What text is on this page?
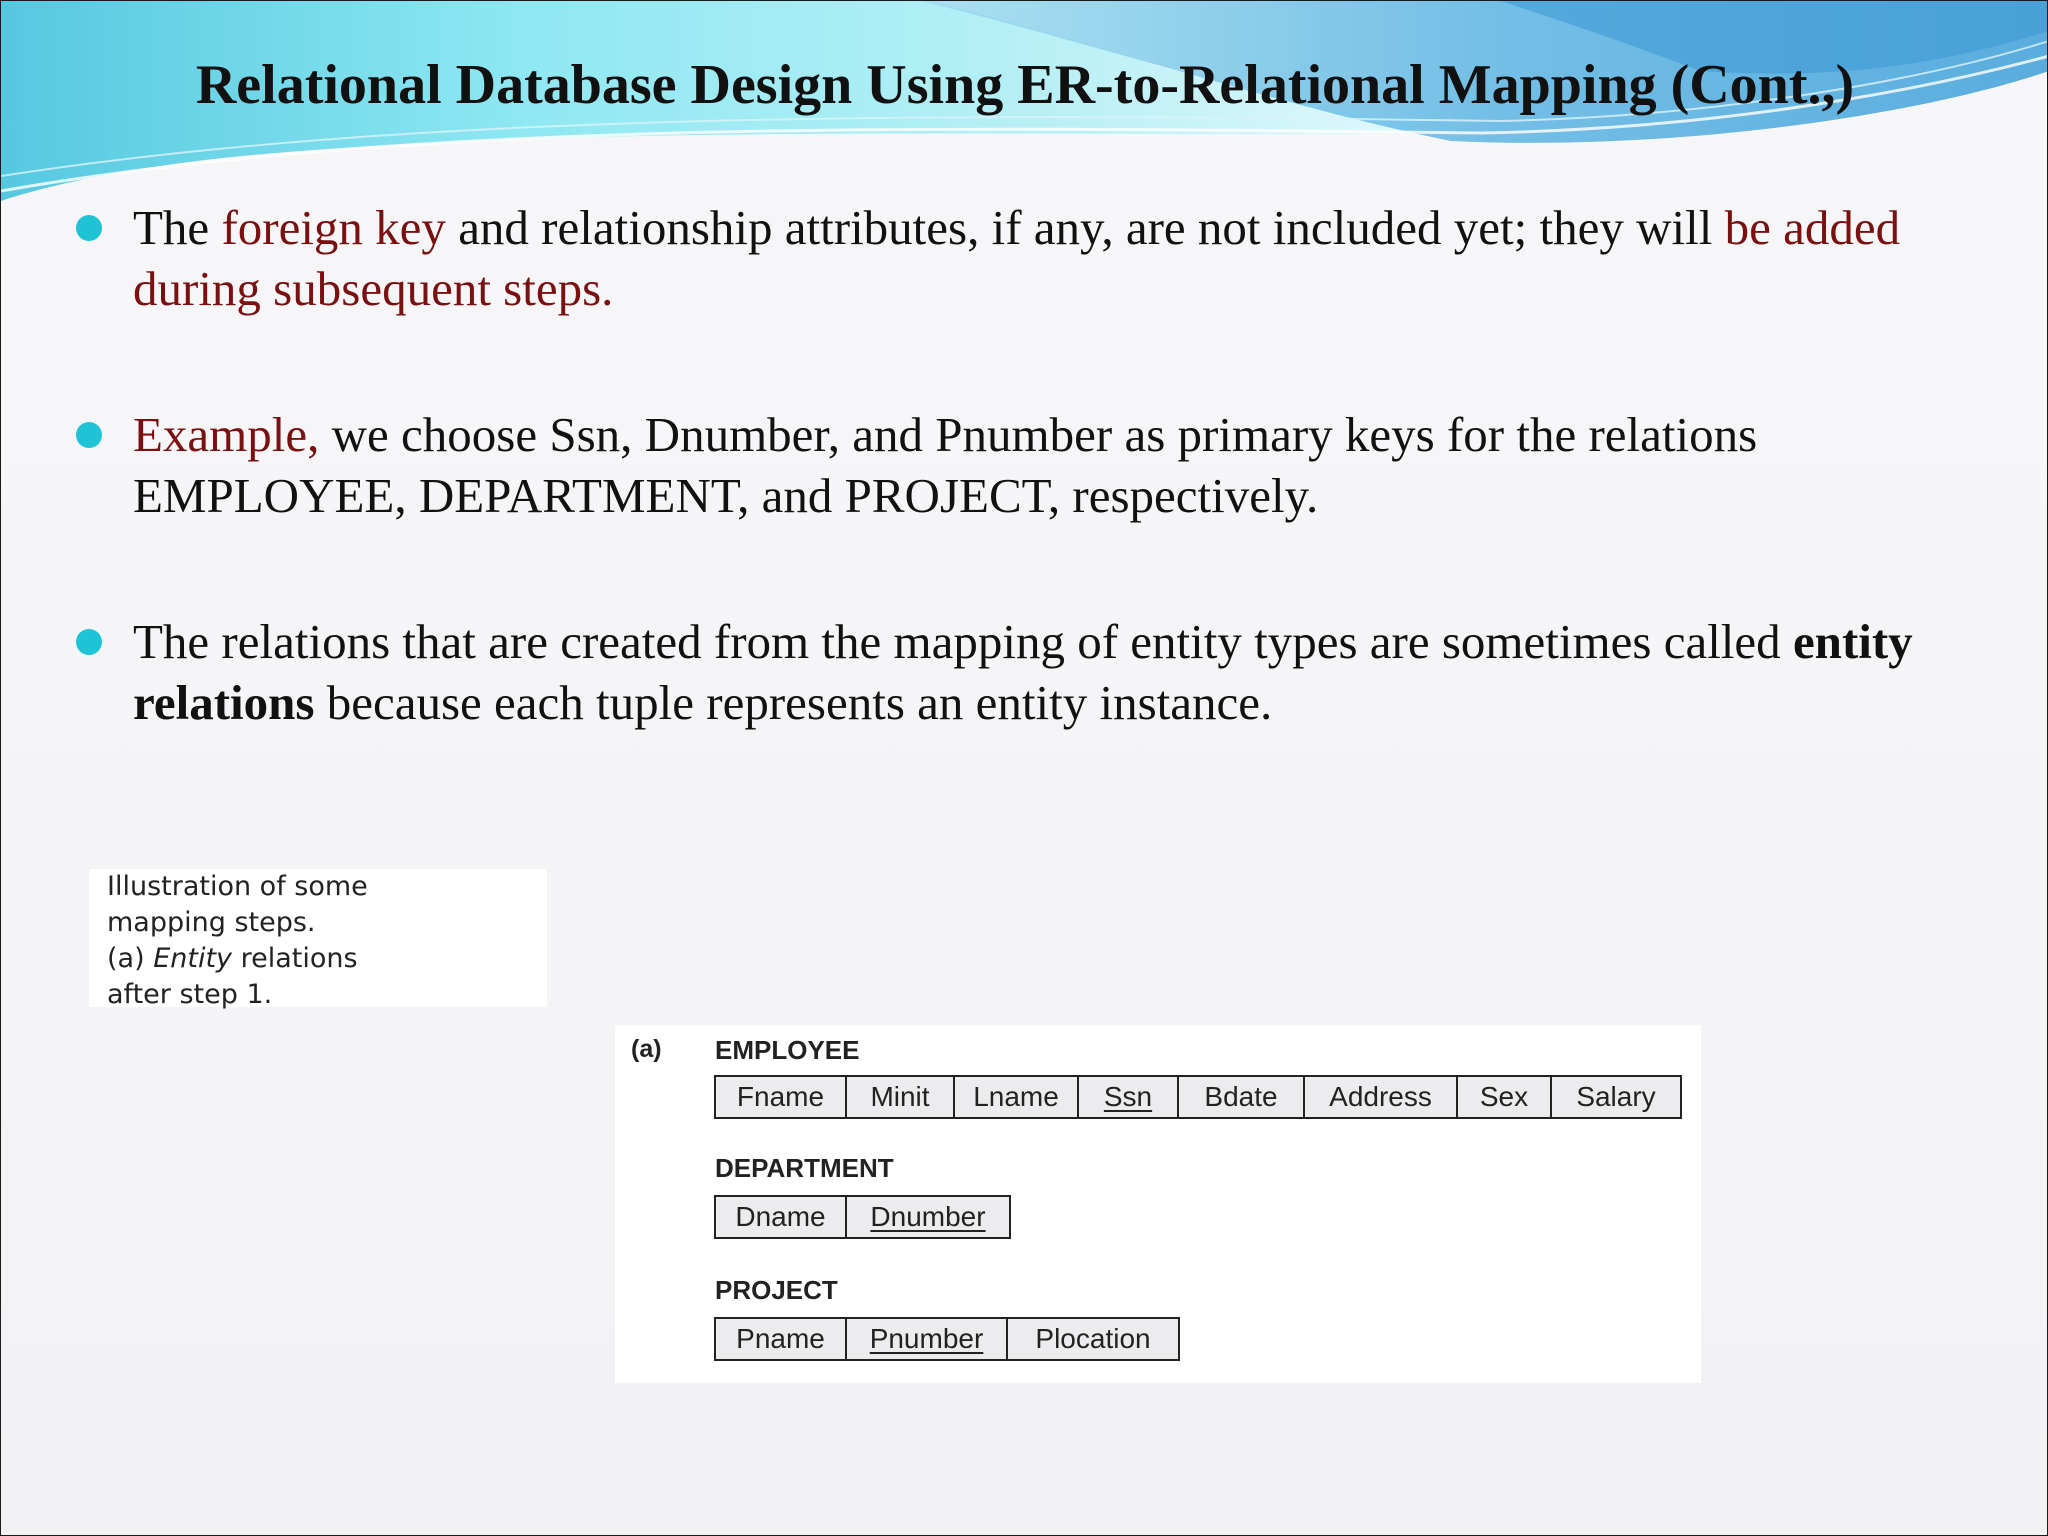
Relational Database Design Using ER-to-Relational Mapping (Cont.,)
The foreign key and relationship attributes, if any, are not included yet; they will be added during subsequent steps.
Example, we choose Ssn, Dnumber, and Pnumber as primary keys for the relations EMPLOYEE, DEPARTMENT, and PROJECT, respectively.
The relations that are created from the mapping of entity types are sometimes called entity relations because each tuple represents an entity instance.
Illustration of some
mapping steps.
(a) Entity relations
after step 1.
(a) EMPLOYEE
Fname	Minit	Lname	Ssn	Bdate	Address	Sex	Salary
DEPARTMENT
Dname	Dnumber
PROJECT
Pname	Pnumber	Plocation
